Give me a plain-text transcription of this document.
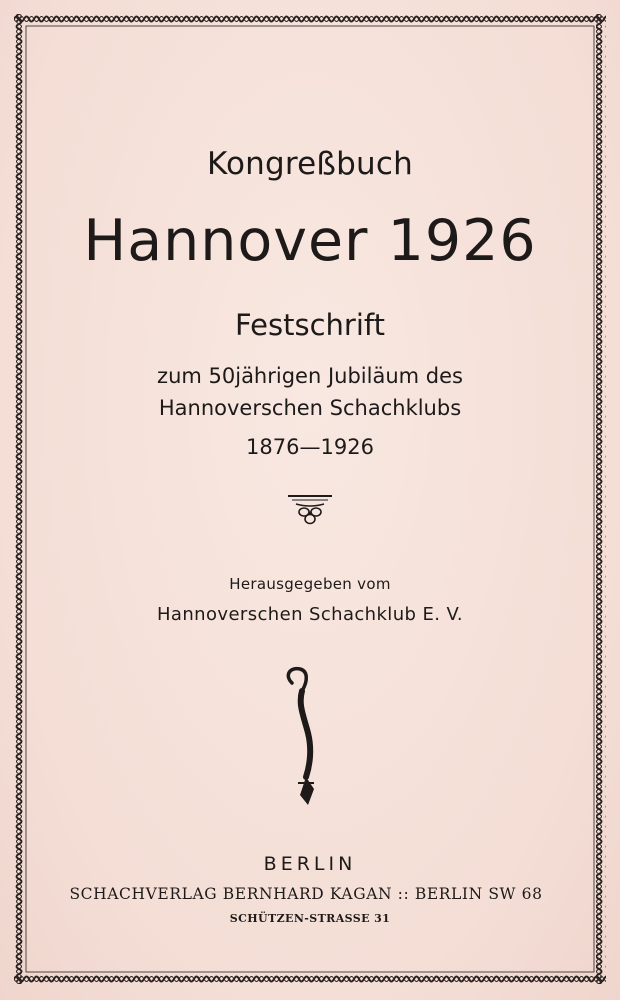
Kongreßbuch
Hannover 1926
Festschrift
zum 50jährigen Jubiläum des
Hannoverschen Schachklubs
1876—1926
Herausgegeben vom
Hannoverschen Schachklub E. V.
BERLIN
SCHACHVERLAG BERNHARD KAGAN :: BERLIN SW 68
SCHÜTZEN-STRASSE 31
